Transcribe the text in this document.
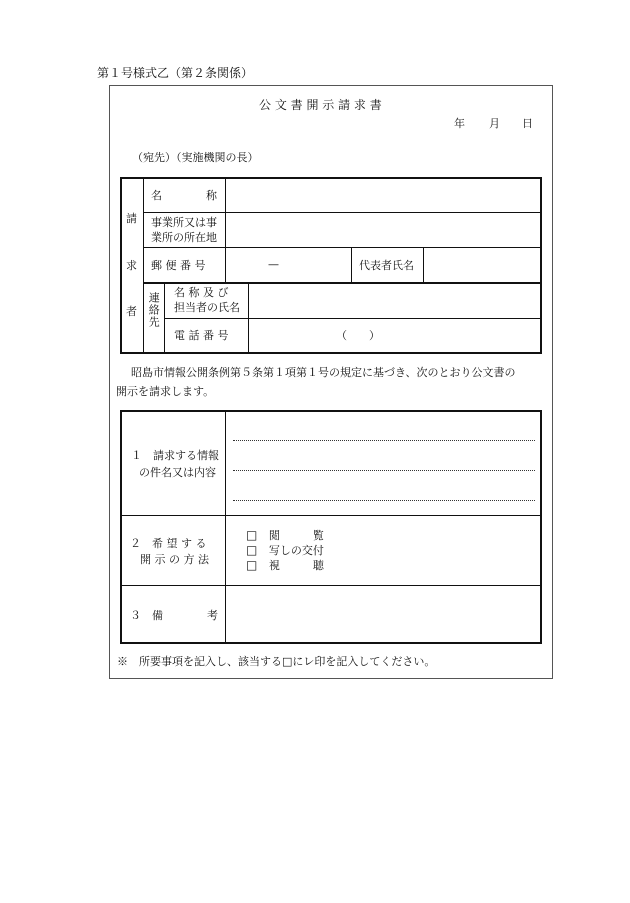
第１号様式乙（第２条関係）
公 文 書 開 示 請 求 書
年 月 日
（宛先）（実施機関の長）
請
求
者
名　　　　称
事業所又は事
業所の所在地
郵 便 番 号	—	代表者氏名
連絡先 名 称 及 び
担当者の氏名
電 話 番 号	（　　）
昭島市情報公開条例第５条第１項第１号の規定に基づき、次のとおり公文書の
開示を請求します。
１　請求する情報
の件名又は内容
２　希 望 す る
開 示 の 方 法
□ 閲　　　覧
□ 写しの交付
□ 視　　　聴
３　備　　　　考
※　所要事項を記入し、該当する□にレ印を記入してください。
